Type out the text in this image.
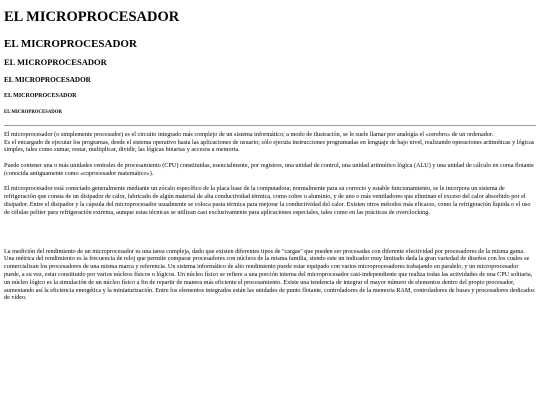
EL MICROPROCESADOR
EL MICROPROCESADOR
EL MICROPROCESADOR
EL MICROPROCESADOR
EL MICROPROCESADOR
EL MICROPROCESADOR

El microprocesador (o simplemente procesador) es el circuito integrado más complejo de un sistema informático; a modo de ilustración, se le suele llamar por analogía el «cerebro» de un ordenador.
Es el encargado de ejecutar los programas, desde el sistema operativo hasta las aplicaciones de usuario; sólo ejecuta instrucciones programadas en lenguaje de bajo nivel, realizando operaciones aritméticas y lógicas simples, tales como sumar, restar, multiplicar, dividir, las lógicas binarias y accesos a memoria.

Puede contener una o más unidades centrales de procesamiento (CPU) constituidas, esencialmente, por registros, una unidad de control, una unidad aritmético lógica (ALU) y una unidad de cálculo en coma flotante (conocida antiguamente como «coprocesador matemático»).

El microprocesador está conectado generalmente mediante un zócalo específico de la placa base de la computadora; normalmente para su correcto y estable funcionamiento, se le incorpora un sistema de refrigeración que consta de un disipador de calor, fabricado de algún material de alta conductividad térmica, como cobre o aluminio, y de uno o más ventiladores que eliminan el exceso del calor absorbido por el disipador. Entre el disipador y la cápsula del microprocesador usualmente se coloca pasta térmica para mejorar la conductividad del calor. Existen otros métodos más eficaces, como la refrigeración líquida o el uso de células peltier para refrigeración extrema, aunque estas técnicas se utilizan casi exclusivamente para aplicaciones especiales, tales como en las prácticas de overclocking.

La medición del rendimiento de un microprocesador es una tarea compleja, dado que existen diferentes tipos de "cargas" que pueden ser procesadas con diferente efectividad por procesadores de la misma gama. Una métrica del rendimiento es la frecuencia de reloj que permite comparar procesadores con núcleos de la misma familia, siendo este un indicador muy limitado dada la gran variedad de diseños con los cuales se comercializan los procesadores de una misma marca y referencia. Un sistema informático de alto rendimiento puede estar equipado con varios microprocesadores trabajando en paralelo, y un microprocesador puede, a su vez, estar constituido por varios núcleos físicos o lógicos. Un núcleo físico se refiere a una porción interna del microprocesador casi-independiente que realiza todas las actividades de una CPU solitaria, un núcleo lógico es la simulación de un núcleo físico a fin de repartir de manera más eficiente el procesamiento. Existe una tendencia de integrar el mayor número de elementos dentro del propio procesador, aumentando así la eficiencia energética y la miniaturización. Entre los elementos integrados están las unidades de punto flotante, controladores de la memoria RAM, controladores de buses y procesadores dedicados de vídeo.
